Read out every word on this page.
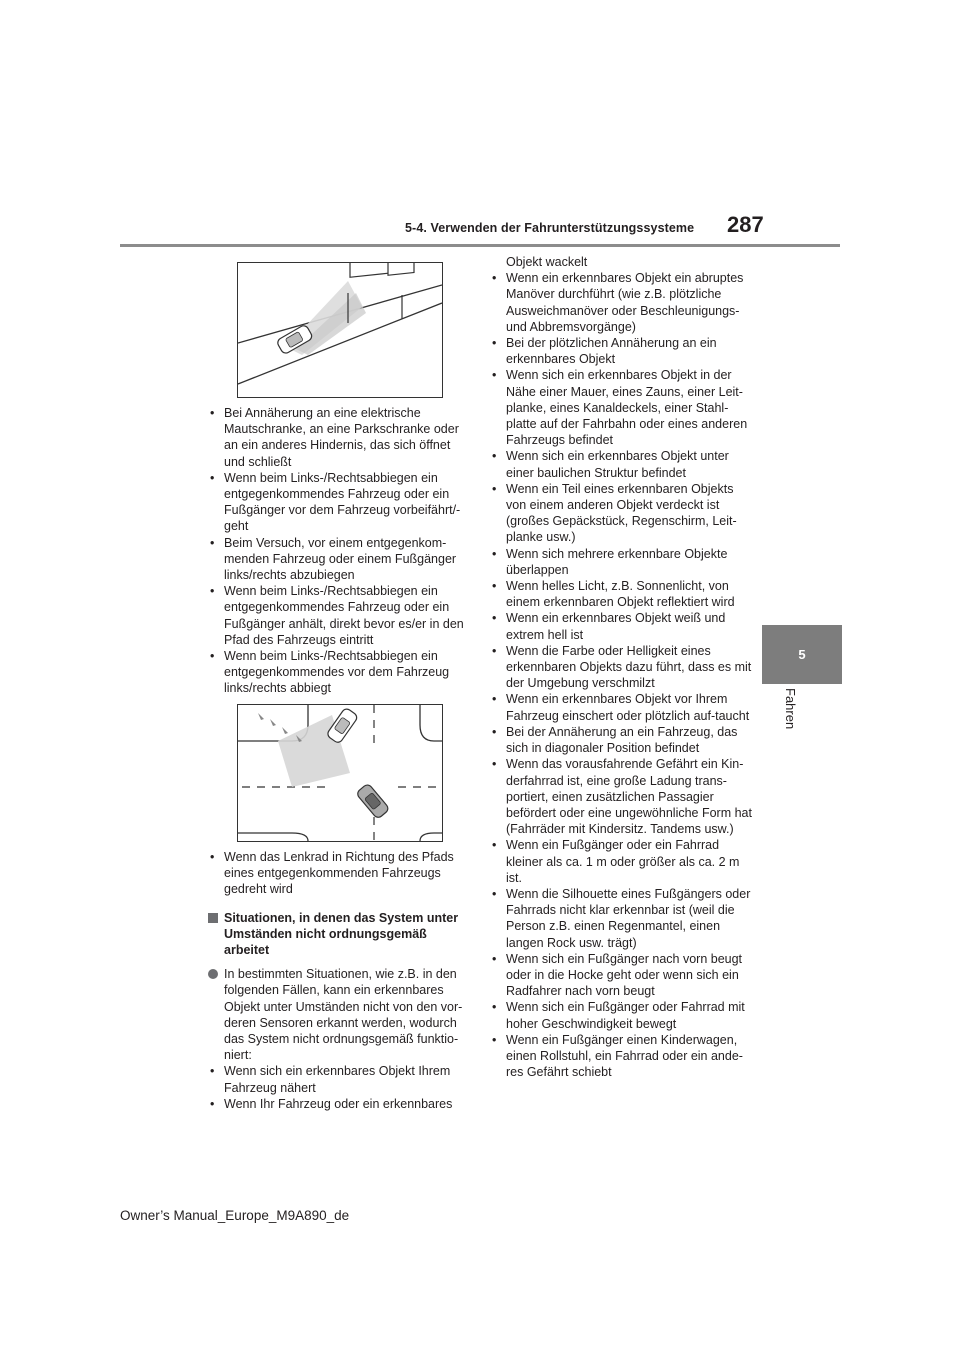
5-4. Verwenden der Fahrunterstützungssysteme 287
5
Fahren
• Bei Annäherung an eine elektrische Mautschranke, an eine Parkschranke oder an ein anderes Hindernis, das sich öffnet und schließt
• Wenn beim Links-/Rechtsabbiegen ein entgegenkommendes Fahrzeug oder ein Fußgänger vor dem Fahrzeug vorbeifährt/-geht
• Beim Versuch, vor einem entgegenkom-menden Fahrzeug oder einem Fußgänger links/rechts abzubiegen
• Wenn beim Links-/Rechtsabbiegen ein entgegenkommendes Fahrzeug oder ein Fußgänger anhält, direkt bevor es/er in den Pfad des Fahrzeugs eintritt
• Wenn beim Links-/Rechtsabbiegen ein entgegenkommendes vor dem Fahrzeug links/rechts abbiegt
• Wenn das Lenkrad in Richtung des Pfads eines entgegenkommenden Fahrzeugs gedreht wird
Situationen, in denen das System unter Umständen nicht ordnungsgemäß arbeitet
In bestimmten Situationen, wie z.B. in den folgenden Fällen, kann ein erkennbares Objekt unter Umständen nicht von den vor-deren Sensoren erkannt werden, wodurch das System nicht ordnungsgemäß funktio-niert:
• Wenn sich ein erkennbares Objekt Ihrem Fahrzeug nähert
• Wenn Ihr Fahrzeug oder ein erkennbares
Objekt wackelt
• Wenn ein erkennbares Objekt ein abruptes Manöver durchführt (wie z.B. plötzliche Ausweichmanöver oder Beschleunigungs- und Abbremsvorgänge)
• Bei der plötzlichen Annäherung an ein erkennbares Objekt
• Wenn sich ein erkennbares Objekt in der Nähe einer Mauer, eines Zauns, einer Leit-planke, eines Kanaldeckels, einer Stahl-platte auf der Fahrbahn oder eines anderen Fahrzeugs befindet
• Wenn sich ein erkennbares Objekt unter einer baulichen Struktur befindet
• Wenn ein Teil eines erkennbaren Objekts von einem anderen Objekt verdeckt ist (großes Gepäckstück, Regenschirm, Leit-planke usw.)
• Wenn sich mehrere erkennbare Objekte überlappen
• Wenn helles Licht, z.B. Sonnenlicht, von einem erkennbaren Objekt reflektiert wird
• Wenn ein erkennbares Objekt weiß und extrem hell ist
• Wenn die Farbe oder Helligkeit eines erkennbaren Objekts dazu führt, dass es mit der Umgebung verschmilzt
• Wenn ein erkennbares Objekt vor Ihrem Fahrzeug einschert oder plötzlich auf-taucht
• Bei der Annäherung an ein Fahrzeug, das sich in diagonaler Position befindet
• Wenn das vorausfahrende Gefährt ein Kin-derfahrrad ist, eine große Ladung trans-portiert, einen zusätzlichen Passagier befördert oder eine ungewöhnliche Form hat (Fahrräder mit Kindersitz. Tandems usw.)
• Wenn ein Fußgänger oder ein Fahrrad kleiner als ca. 1 m oder größer als ca. 2 m ist.
• Wenn die Silhouette eines Fußgängers oder Fahrrads nicht klar erkennbar ist (weil die Person z.B. einen Regenmantel, einen langen Rock usw. trägt)
• Wenn sich ein Fußgänger nach vorn beugt oder in die Hocke geht oder wenn sich ein Radfahrer nach vorn beugt
• Wenn sich ein Fußgänger oder Fahrrad mit hoher Geschwindigkeit bewegt
• Wenn ein Fußgänger einen Kinderwagen, einen Rollstuhl, ein Fahrrad oder ein ande-res Gefährt schiebt
Owner’s Manual_Europe_M9A890_de
